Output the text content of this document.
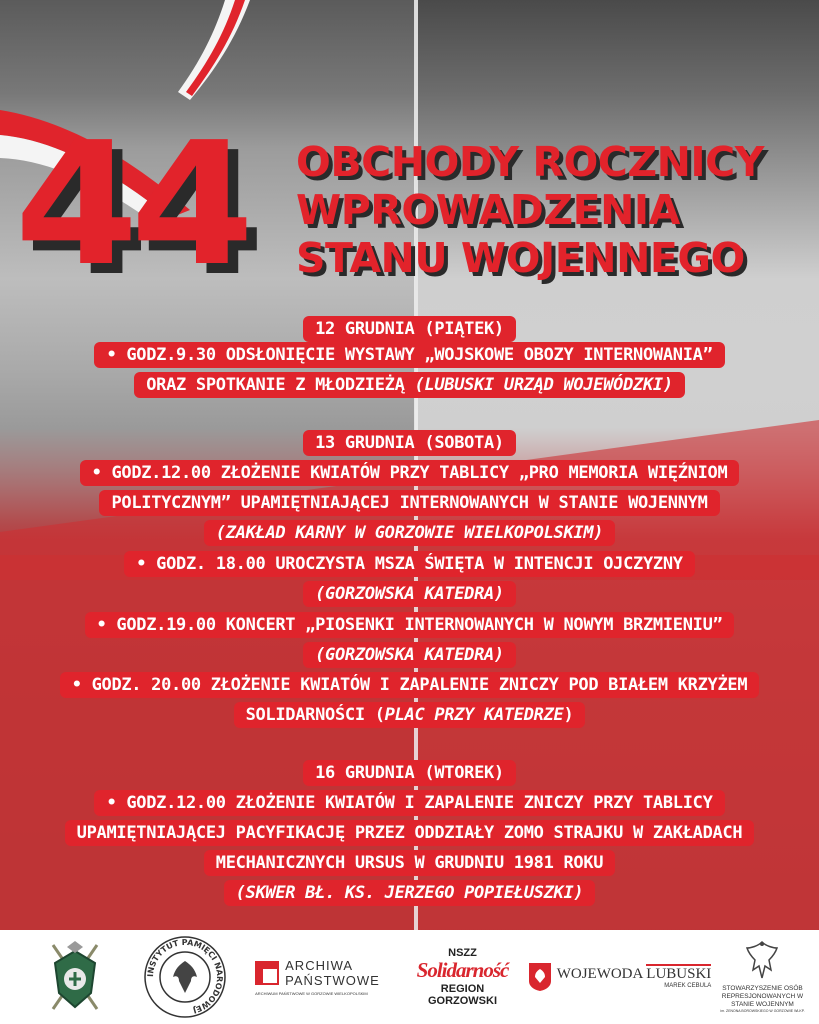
44 OBCHODY ROCZNICY
WPROWADZENIA
STANU WOJENNEGO
12 GRUDNIA (PIĄTEK)
• GODZ.9.30 ODSŁONIĘCIE WYSTAWY „WOJSKOWE OBOZY INTERNOWANIA”
ORAZ SPOTKANIE Z MŁODZIEŻĄ (LUBUSKI URZĄD WOJEWÓDZKI)
13 GRUDNIA (SOBOTA)
• GODZ.12.00 ZŁOŻENIE KWIATÓW PRZY TABLICY „PRO MEMORIA WIĘŹNIOM
POLITYCZNYM” UPAMIĘTNIAJĄCEJ INTERNOWANYCH W STANIE WOJENNYM
(ZAKŁAD KARNY W GORZOWIE WIELKOPOLSKIM)
• GODZ. 18.00 UROCZYSTA MSZA ŚWIĘTA W INTENCJI OJCZYZNY
(GORZOWSKA KATEDRA)
• GODZ.19.00 KONCERT „PIOSENKI INTERNOWANYCH W NOWYM BRZMIENIU”
(GORZOWSKA KATEDRA)
• GODZ. 20.00 ZŁOŻENIE KWIATÓW I ZAPALENIE ZNICZY POD BIAŁEM KRZYŻEM
SOLIDARNOŚCI (PLAC PRZY KATEDRZE)
16 GRUDNIA (WTOREK)
• GODZ.12.00 ZŁOŻENIE KWIATÓW I ZAPALENIE ZNICZY PRZY TABLICY
UPAMIĘTNIAJĄCEJ PACYFIKACJĘ PRZEZ ODDZIAŁY ZOMO STRAJKU W ZAKŁADACH
MECHANICZNYCH URSUS W GRUDNIU 1981 ROKU
(SKWER BŁ. KS. JERZEGO POPIEŁUSZKI)
INSTYTUT PAMIĘCI NARODOWEJ
ARCHIWA
PAŃSTWOWE
ARCHIWUM PAŃSTWOWE W GORZOWIE WIELKOPOLSKIM
NSZZ
Solidarność
REGION GORZOWSKI
WOJEWODA LUBUSKI
MAREK CEBULA STOWARZYSZENIE OSÓB
REPRESJONOWANYCH W
STANIE WOJENNYM
im. ZENONA BOROWSKIEGO W GORZOWIE WLKP.
